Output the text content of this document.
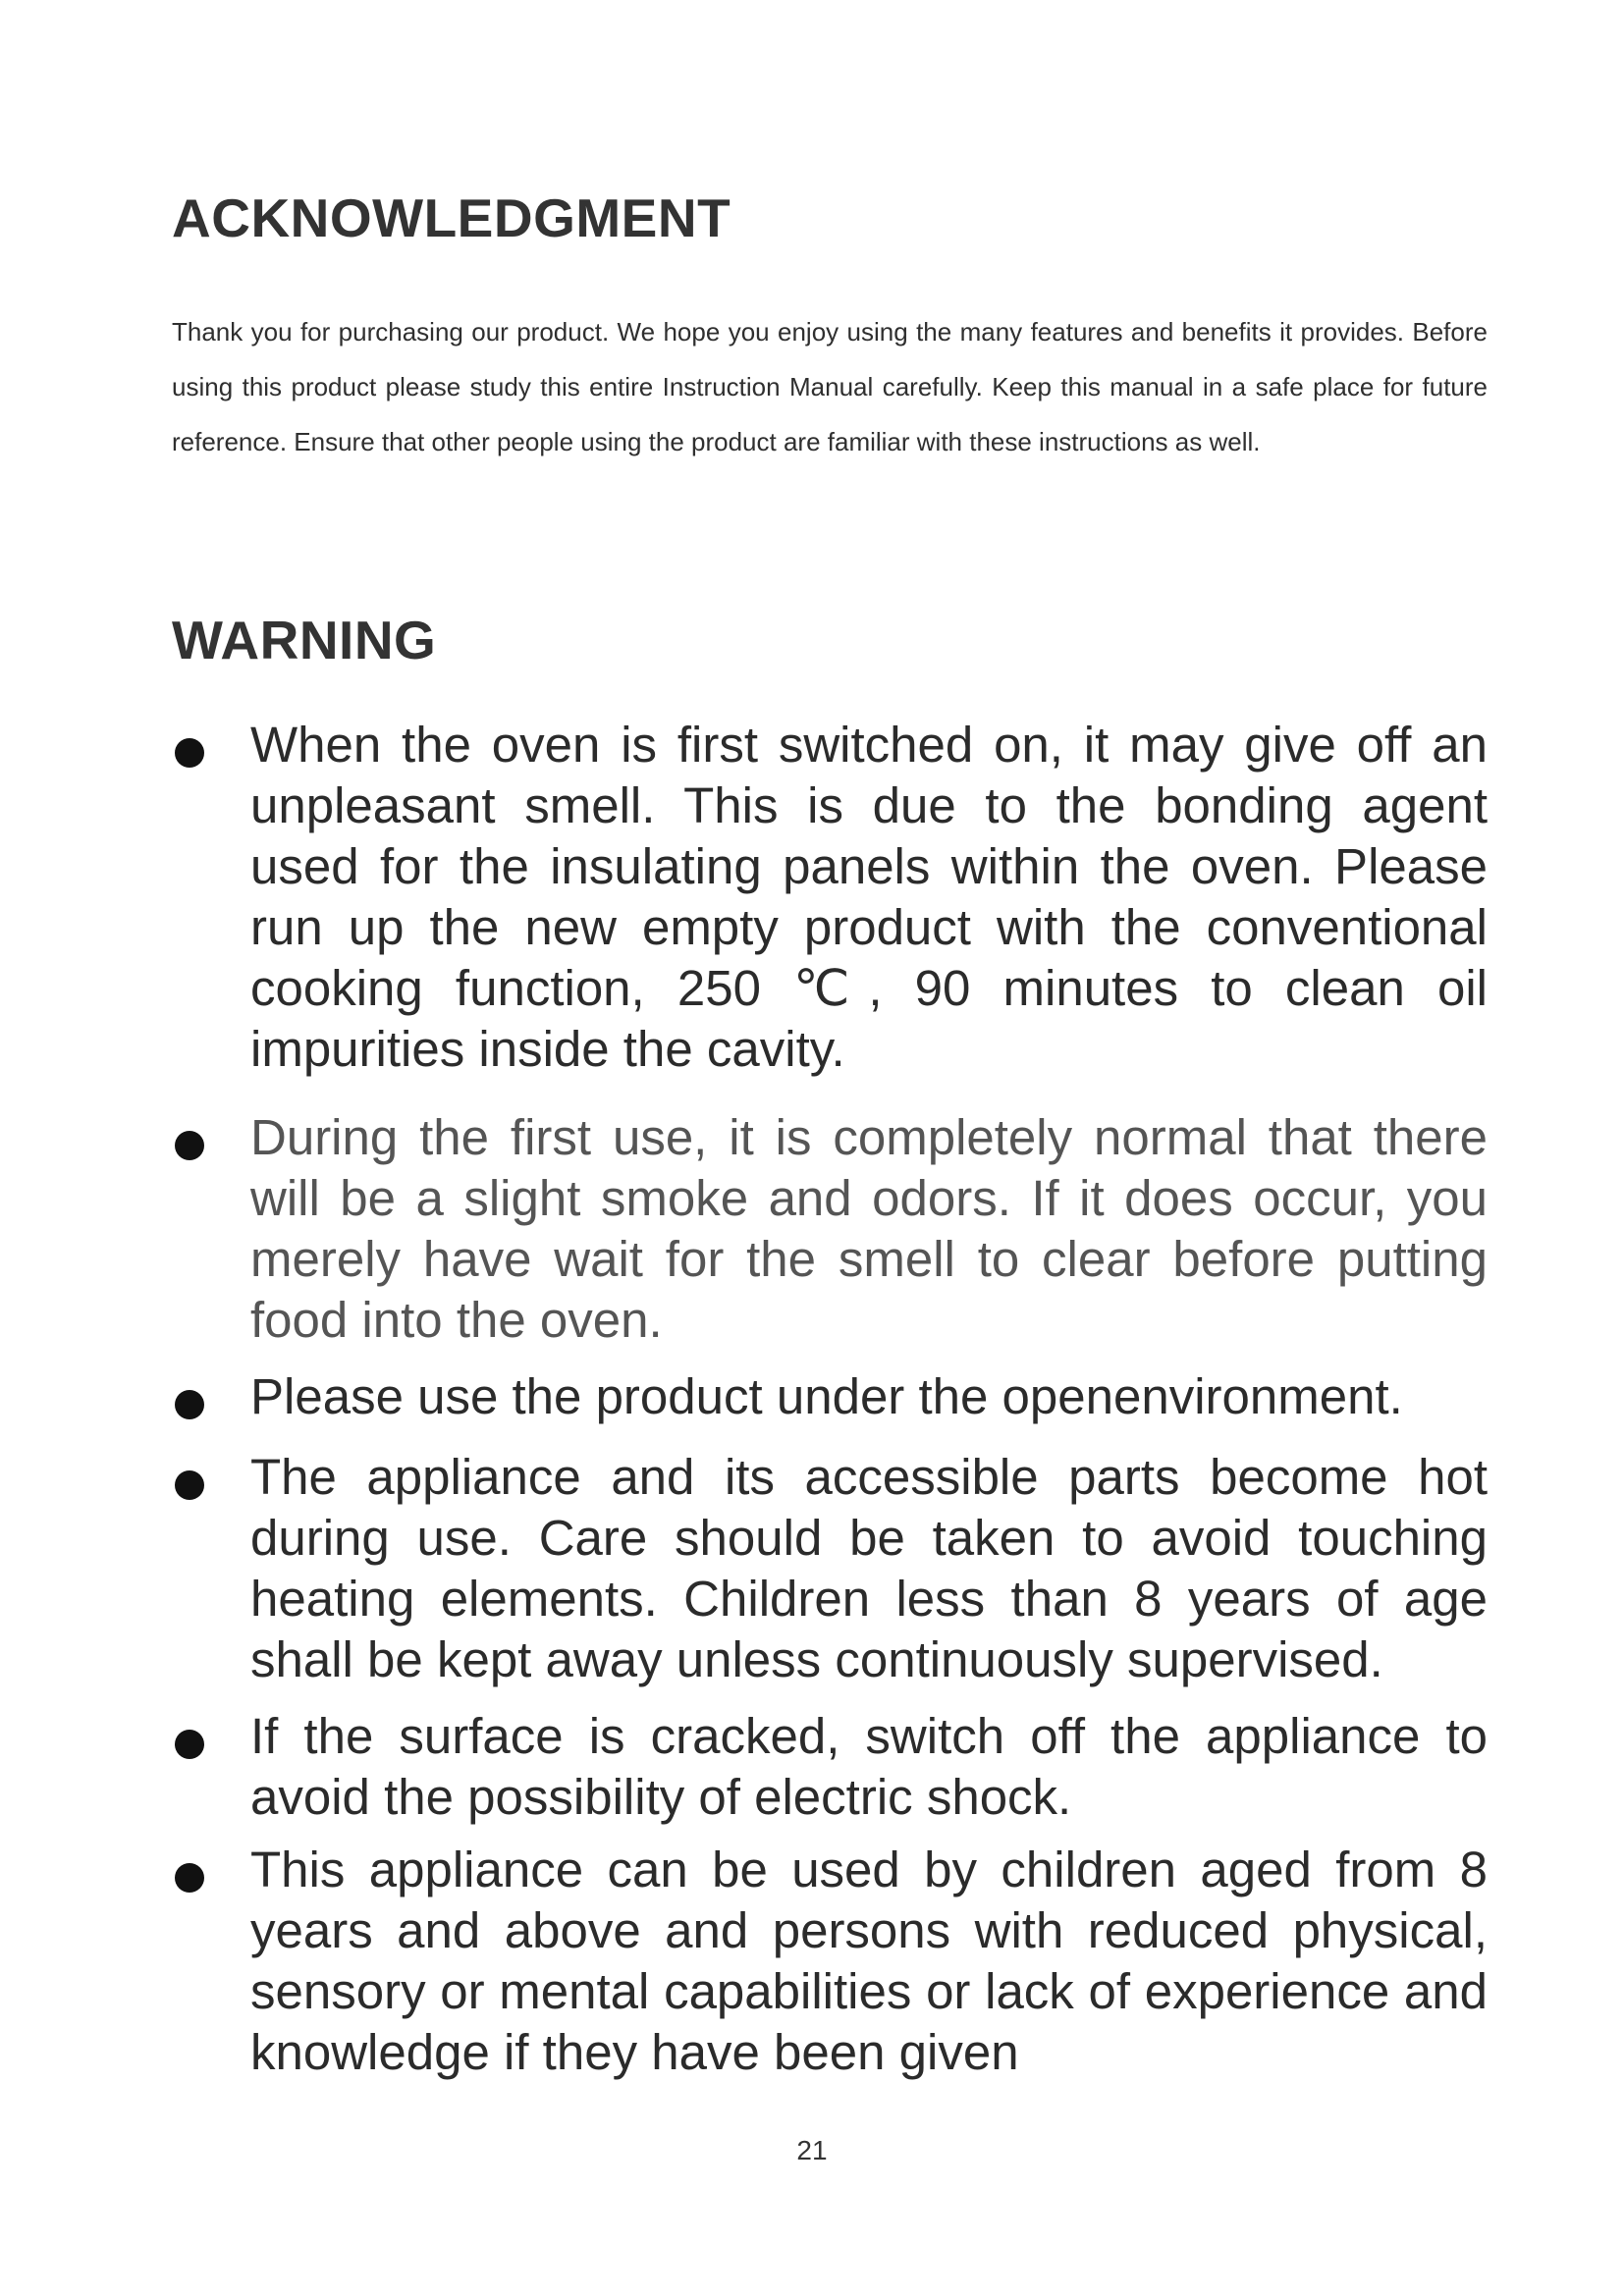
ACKNOWLEDGMENT

Thank you for purchasing our product. We hope you enjoy using the many features and benefits it provides. Before using this product please study this entire Instruction Manual carefully. Keep this manual in a safe place for future reference. Ensure that other people using the product are familiar with these instructions as well.

WARNING

When the oven is first switched on, it may give off an unpleasant smell. This is due to the bonding agent used for the insulating panels within the oven. Please run up the new empty product with the conventional cooking function, 250 ℃, 90 minutes to clean oil impurities inside the cavity.

During the first use, it is completely normal that there will be a slight smoke and odors. If it does occur, you merely have wait for the smell to clear before putting food into the oven.

Please use the product under the openenvironment.

The appliance and its accessible parts become hot during use. Care should be taken to avoid touching heating elements. Children less than 8 years of age shall be kept away unless continuously supervised.

If the surface is cracked, switch off the appliance to avoid the possibility of electric shock.

This appliance can be used by children aged from 8 years and above and persons with reduced physical, sensory or mental capabilities or lack of experience and knowledge if they have been given

21
